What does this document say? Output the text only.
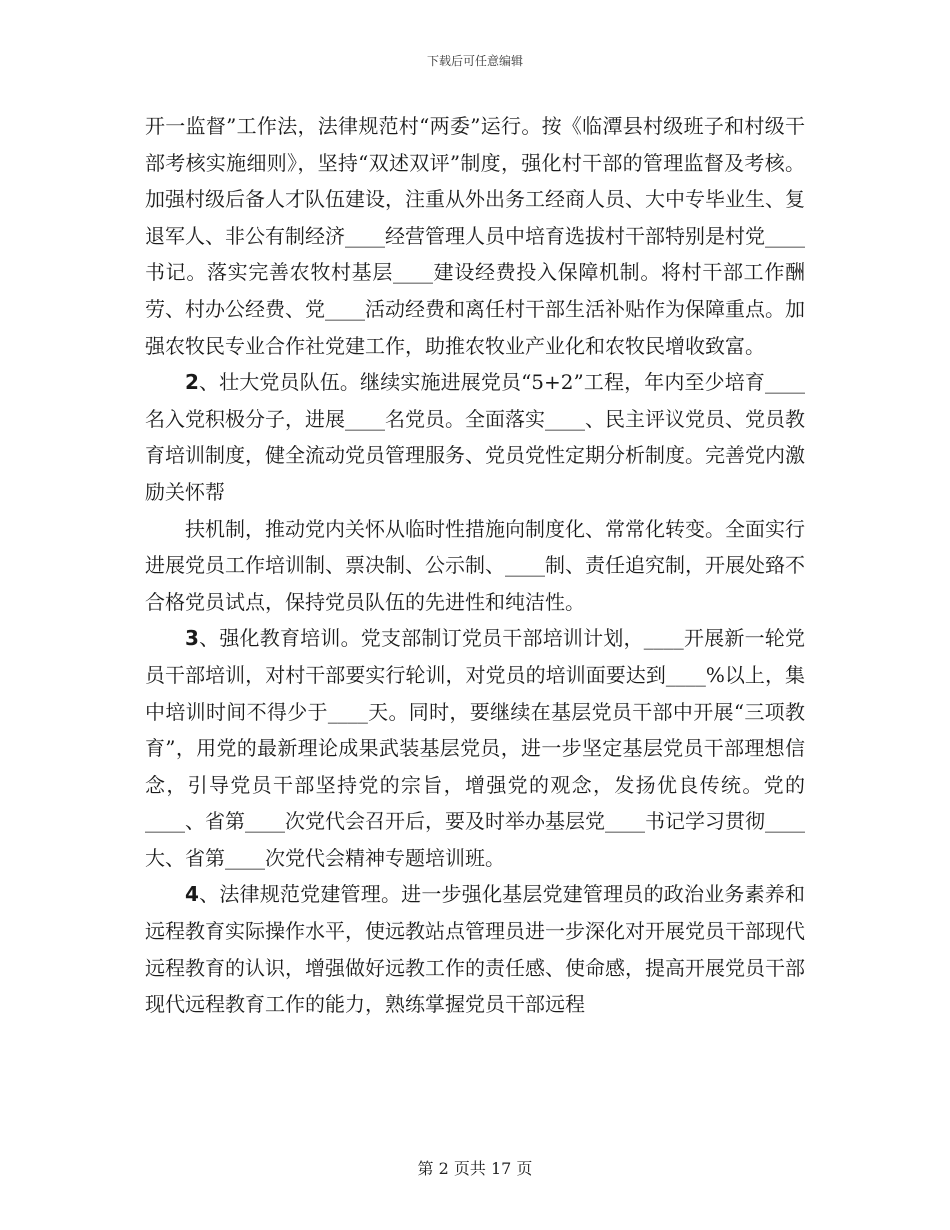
下载后可任意编辑

开一监督”工作法，法律规范村“两委”运行。按《临潭县村级班子和村级干部考核实施细则》，坚持“双述双评”制度，强化村干部的管理监督及考核。加强村级后备人才队伍建设，注重从外出务工经商人员、大中专毕业生、复退军人、非公有制经济____经营管理人员中培育选拔村干部特别是村党____书记。落实完善农牧村基层____建设经费投入保障机制。将村干部工作酬劳、村办公经费、党____活动经费和离任村干部生活补贴作为保障重点。加强农牧民专业合作社党建工作，助推农牧业产业化和农牧民增收致富。

2、壮大党员队伍。继续实施进展党员“5+2”工程，年内至少培育____名入党积极分子，进展____名党员。全面落实____、民主评议党员、党员教育培训制度，健全流动党员管理服务、党员党性定期分析制度。完善党内激励关怀帮

扶机制，推动党内关怀从临时性措施向制度化、常常化转变。全面实行进展党员工作培训制、票决制、公示制、____制、责任追究制，开展处臵不合格党员试点，保持党员队伍的先进性和纯洁性。

3、强化教育培训。党支部制订党员干部培训计划，____开展新一轮党员干部培训，对村干部要实行轮训，对党员的培训面要达到____%以上，集中培训时间不得少于____天。同时，要继续在基层党员干部中开展“三项教育”，用党的最新理论成果武装基层党员，进一步坚定基层党员干部理想信念，引导党员干部坚持党的宗旨，增强党的观念，发扬优良传统。党的____、省第____次党代会召开后，要及时举办基层党____书记学习贯彻____大、省第____次党代会精神专题培训班。

4、法律规范党建管理。进一步强化基层党建管理员的政治业务素养和远程教育实际操作水平，使远教站点管理员进一步深化对开展党员干部现代远程教育的认识，增强做好远教工作的责任感、使命感，提高开展党员干部现代远程教育工作的能力，熟练掌握党员干部远程

第 2 页共 17 页
